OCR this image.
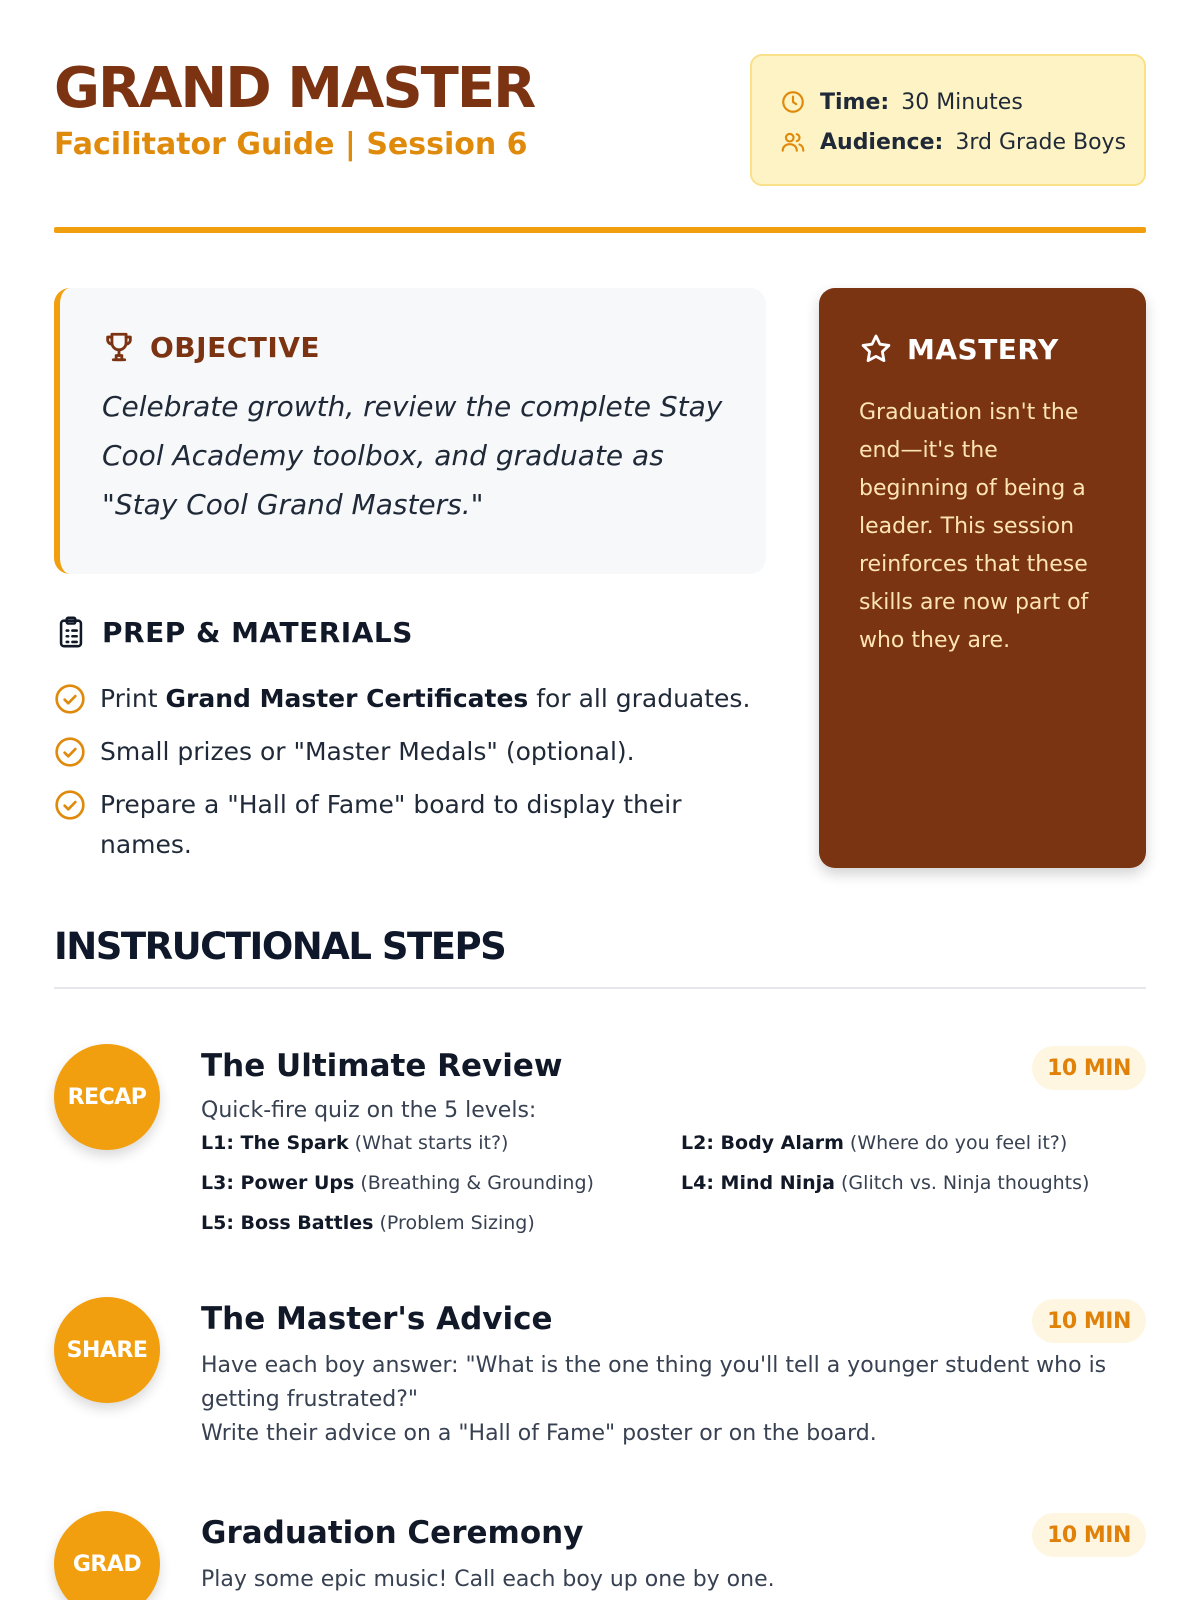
GRAND MASTER
Facilitator Guide | Session 6
Time: 30 Minutes
Audience: 3rd Grade Boys
OBJECTIVE

Celebrate growth, review the complete Stay Cool Academy toolbox, and graduate as "Stay Cool Grand Masters."

MASTERY

Graduation isn't the end—it's the beginning of being a leader. This session reinforces that these skills are now part of who they are.

PREP & MATERIALS
Print Grand Master Certificates for all graduates.
Small prizes or "Master Medals" (optional).
Prepare a "Hall of Fame" board to display their names.
INSTRUCTIONAL STEPS
RECAP
The Ultimate Review	10 MIN
Quick-fire quiz on the 5 levels:
L1: The Spark (What starts it?)	L2: Body Alarm (Where do you feel it?)
L3: Power Ups (Breathing & Grounding)	L4: Mind Ninja (Glitch vs. Ninja thoughts)
L5: Boss Battles (Problem Sizing)
SHARE
The Master's Advice	10 MIN
Have each boy answer: "What is the one thing you'll tell a younger student who is getting frustrated?"
Write their advice on a "Hall of Fame" poster or on the board.
GRAD
Graduation Ceremony	10 MIN
Play some epic music! Call each boy up one by one.
